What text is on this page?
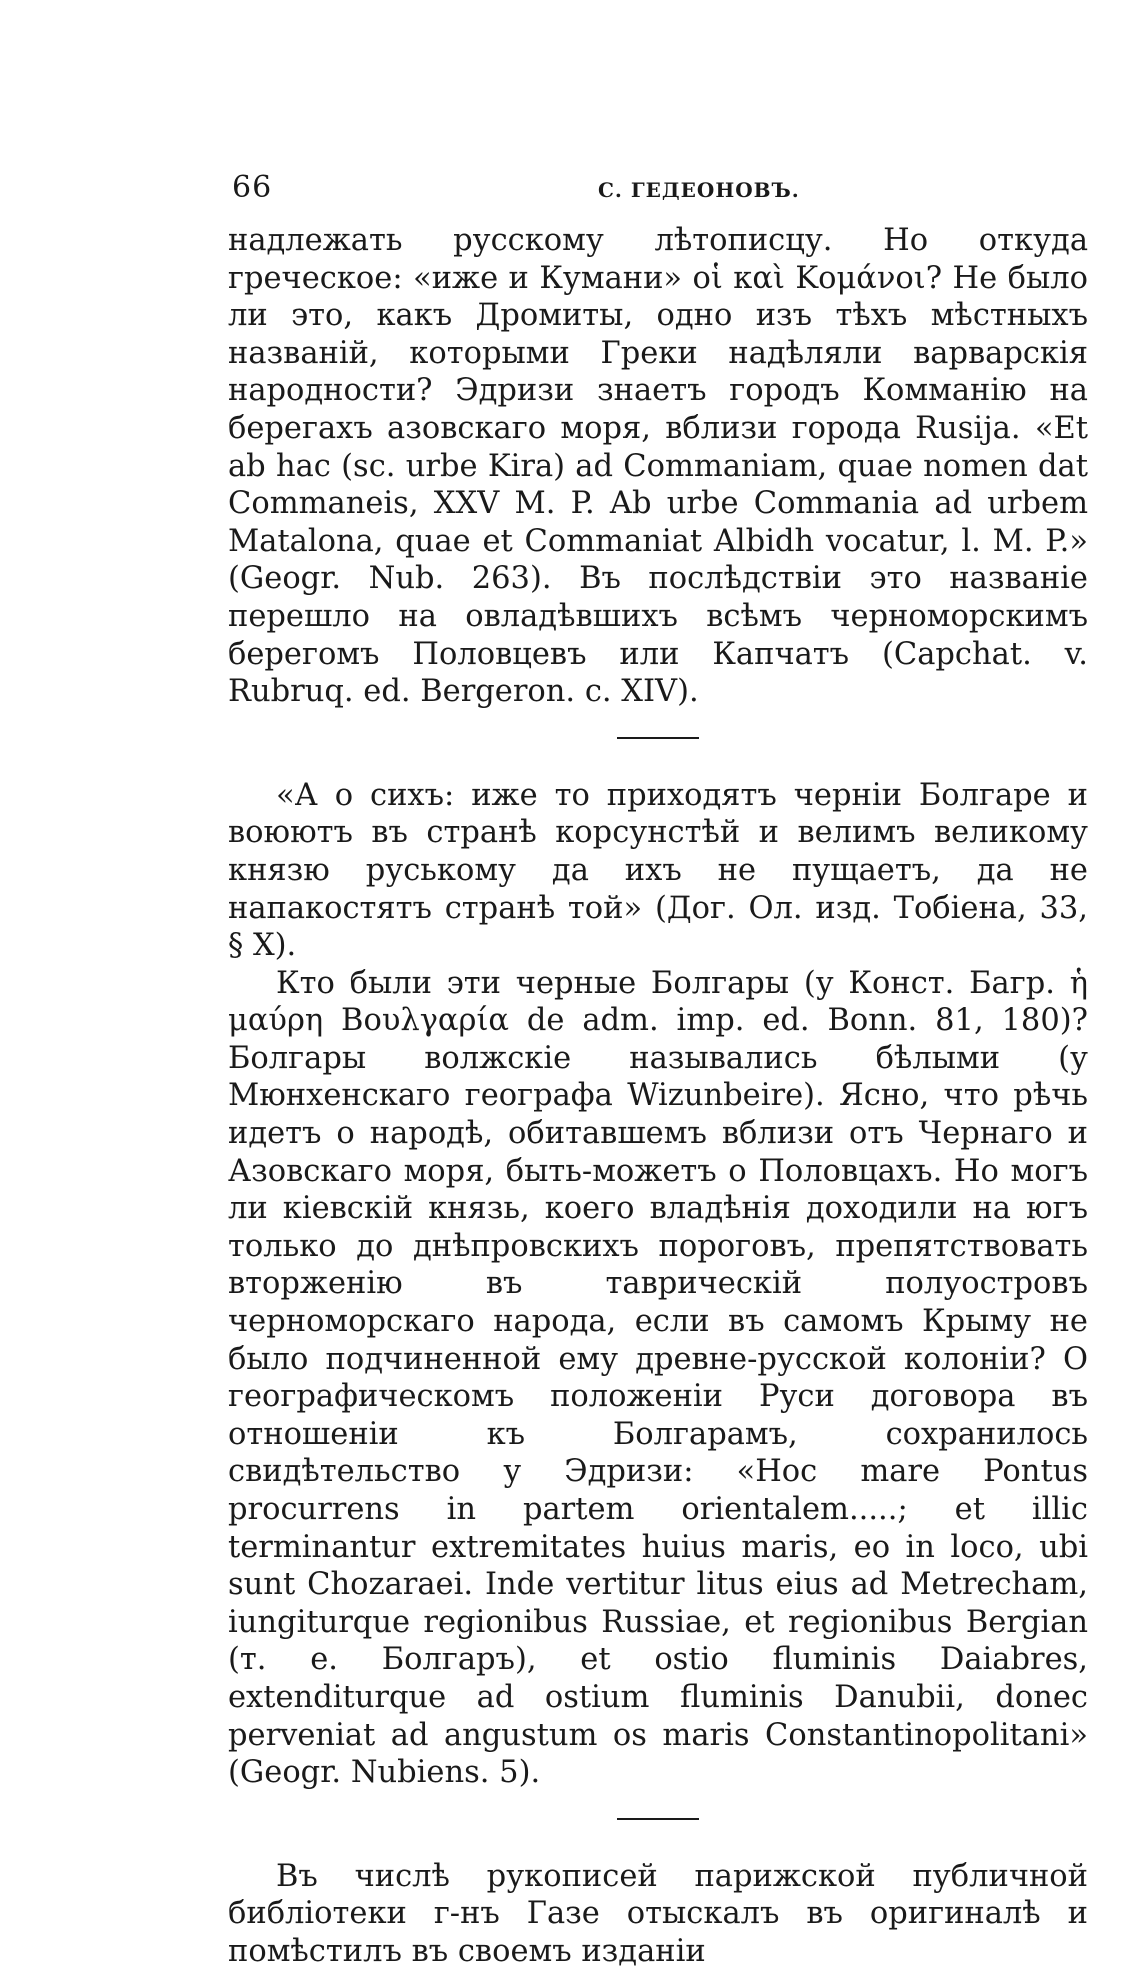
66	С. ГЕДЕОНОВЪ.

надлежать русскому лѣтописцу. Но откуда греческое: «иже и Кумани» οἱ καὶ Κομάνοι? Не было ли это, какъ Дромиты, одно изъ тѣхъ мѣстныхъ названій, которыми Греки надѣляли варварскія народности? Эдризи знаетъ городъ Комманію на берегахъ азовскаго моря, вблизи города Rusija. «Et ab hac (sc. urbe Kira) ad Commaniam, quae nomen dat Commaneis, XXV M. P. Ab urbe Commania ad urbem Matalona, quae et Commaniat Albidh vocatur, l. M. P.» (Geogr. Nub. 263). Въ послѣдствіи это названіе перешло на овладѣвшихъ всѣмъ черноморскимъ берегомъ Половцевъ или Капчатъ (Capchat. v. Rubruq. ed. Bergeron. c. XIV).

«А о сихъ: иже то приходятъ черніи Болгаре и воюютъ въ странѣ корсунстѣй и велимъ великому князю руському да ихъ не пущаетъ, да не напакостятъ странѣ той» (Дог. Ол. изд. Тобіена, 33, § X).

Кто были эти черные Болгары (у Конст. Багр. ἡ μαύρη Βουλγαρία de adm. imp. ed. Bonn. 81, 180)? Болгары волжскіе назывались бѣлыми (у Мюнхенскаго географа Wizunbeire). Ясно, что рѣчь идетъ о народѣ, обитавшемъ вблизи отъ Чернаго и Азовскаго моря, быть-можетъ о Половцахъ. Но могъ ли кіевскій князь, коего владѣнія доходили на югъ только до днѣпровскихъ пороговъ, препятствовать вторженію въ таврическій полуостровъ черноморскаго народа, если въ самомъ Крыму не было подчиненной ему древне-русской колоніи? О географическомъ положеніи Руси договора въ отношеніи къ Болгарамъ, сохранилось свидѣтельство у Эдризи: «Hoc mare Pontus procurrens in partem orientalem.....; et illic terminantur extremitates huius maris, eo in loco, ubi sunt Chozaraei. Inde vertitur litus eius ad Metrecham, iungiturque regionibus Russiae, et regionibus Bergian (т. е. Болгаръ), et ostio fluminis Daiabres, extenditurque ad ostium fluminis Danubii, donec perveniat ad angustum os maris Constantinopolitani» (Geogr. Nubiens. 5).

Въ числѣ рукописей парижской публичной библіотеки г-нъ Газе отыскалъ въ оригиналѣ и помѣстилъ въ своемъ изданіи
